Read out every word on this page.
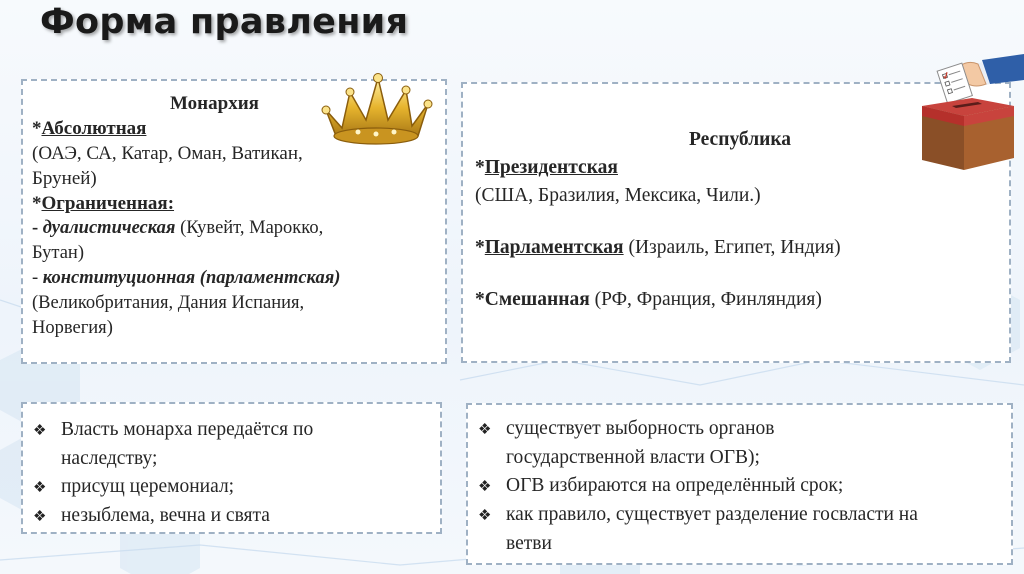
Форма правления
Монархия
*Абсолютная
(ОАЭ, СА, Катар, Оман, Ватикан,
Бруней)
*Ограниченная:
- дуалистическая (Кувейт, Марокко,
Бутан)
- конституционная (парламентская)
(Великобритания, Дания Испания,
Норвегия)
Республика
*Президентская
(США, Бразилия, Мексика, Чили.)
*Парламентская (Израиль, Египет, Индия)
*Смешанная (РФ, Франция, Финляндия)
❖ Власть монарха передаётся по
наследству;
❖ присущ церемониал;
❖ незыблема, вечна и свята
❖ существует выборность органов
государственной власти ОГВ);
❖ ОГВ избираются на определённый срок;
❖ как правило, существует разделение госвласти на
ветви
